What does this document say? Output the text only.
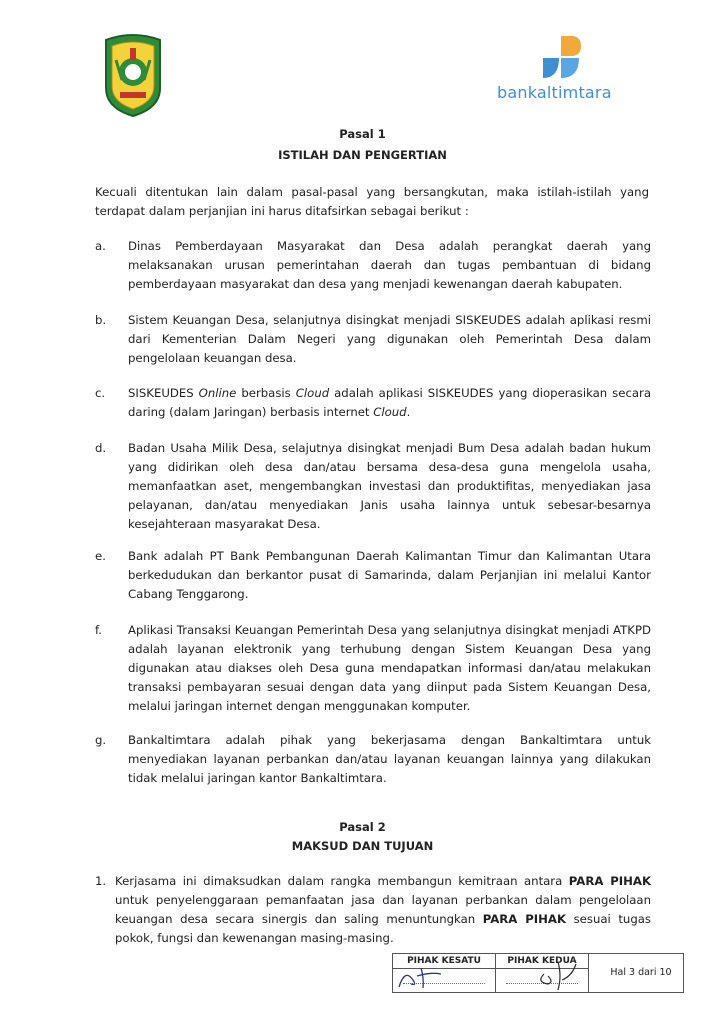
bankaltimtara
Pasal 1
ISTILAH DAN PENGERTIAN
Kecuali ditentukan lain dalam pasal-pasal yang bersangkutan, maka istilah-istilah yang terdapat dalam perjanjian ini harus ditafsirkan sebagai berikut :
a.	Dinas Pemberdayaan Masyarakat dan Desa adalah perangkat daerah yang melaksanakan urusan pemerintahan daerah dan tugas pembantuan di bidang pemberdayaan masyarakat dan desa yang menjadi kewenangan daerah kabupaten.
b.	Sistem Keuangan Desa, selanjutnya disingkat menjadi SISKEUDES adalah aplikasi resmi dari Kementerian Dalam Negeri yang digunakan oleh Pemerintah Desa dalam pengelolaan keuangan desa.
c.	SISKEUDES Online berbasis Cloud adalah aplikasi SISKEUDES yang dioperasikan secara daring (dalam Jaringan) berbasis internet Cloud.
d.	Badan Usaha Milik Desa, selajutnya disingkat menjadi Bum Desa adalah badan hukum yang didirikan oleh desa dan/atau bersama desa-desa guna mengelola usaha, memanfaatkan aset, mengembangkan investasi dan produktifitas, menyediakan jasa pelayanan, dan/atau menyediakan Janis usaha lainnya untuk sebesar-besarnya kesejahteraan masyarakat Desa.
e.	Bank adalah PT Bank Pembangunan Daerah Kalimantan Timur dan Kalimantan Utara berkedudukan dan berkantor pusat di Samarinda, dalam Perjanjian ini melalui Kantor Cabang Tenggarong.
f.	Aplikasi Transaksi Keuangan Pemerintah Desa yang selanjutnya disingkat menjadi ATKPD adalah layanan elektronik yang terhubung dengan Sistem Keuangan Desa yang digunakan atau diakses oleh Desa guna mendapatkan informasi dan/atau melakukan transaksi pembayaran sesuai dengan data yang diinput pada Sistem Keuangan Desa, melalui jaringan internet dengan menggunakan komputer.
g.	Bankaltimtara adalah pihak yang bekerjasama dengan Bankaltimtara untuk menyediakan layanan perbankan dan/atau layanan keuangan lainnya yang dilakukan tidak melalui jaringan kantor Bankaltimtara.
Pasal 2
MAKSUD DAN TUJUAN
1. Kerjasama ini dimaksudkan dalam rangka membangun kemitraan antara PARA PIHAK untuk penyelenggaraan pemanfaatan jasa dan layanan perbankan dalam pengelolaan keuangan desa secara sinergis dan saling menuntungkan PARA PIHAK sesuai tugas pokok, fungsi dan kewenangan masing-masing.
PIHAK KESATU	PIHAK KEDUA
Hal 3 dari 10
